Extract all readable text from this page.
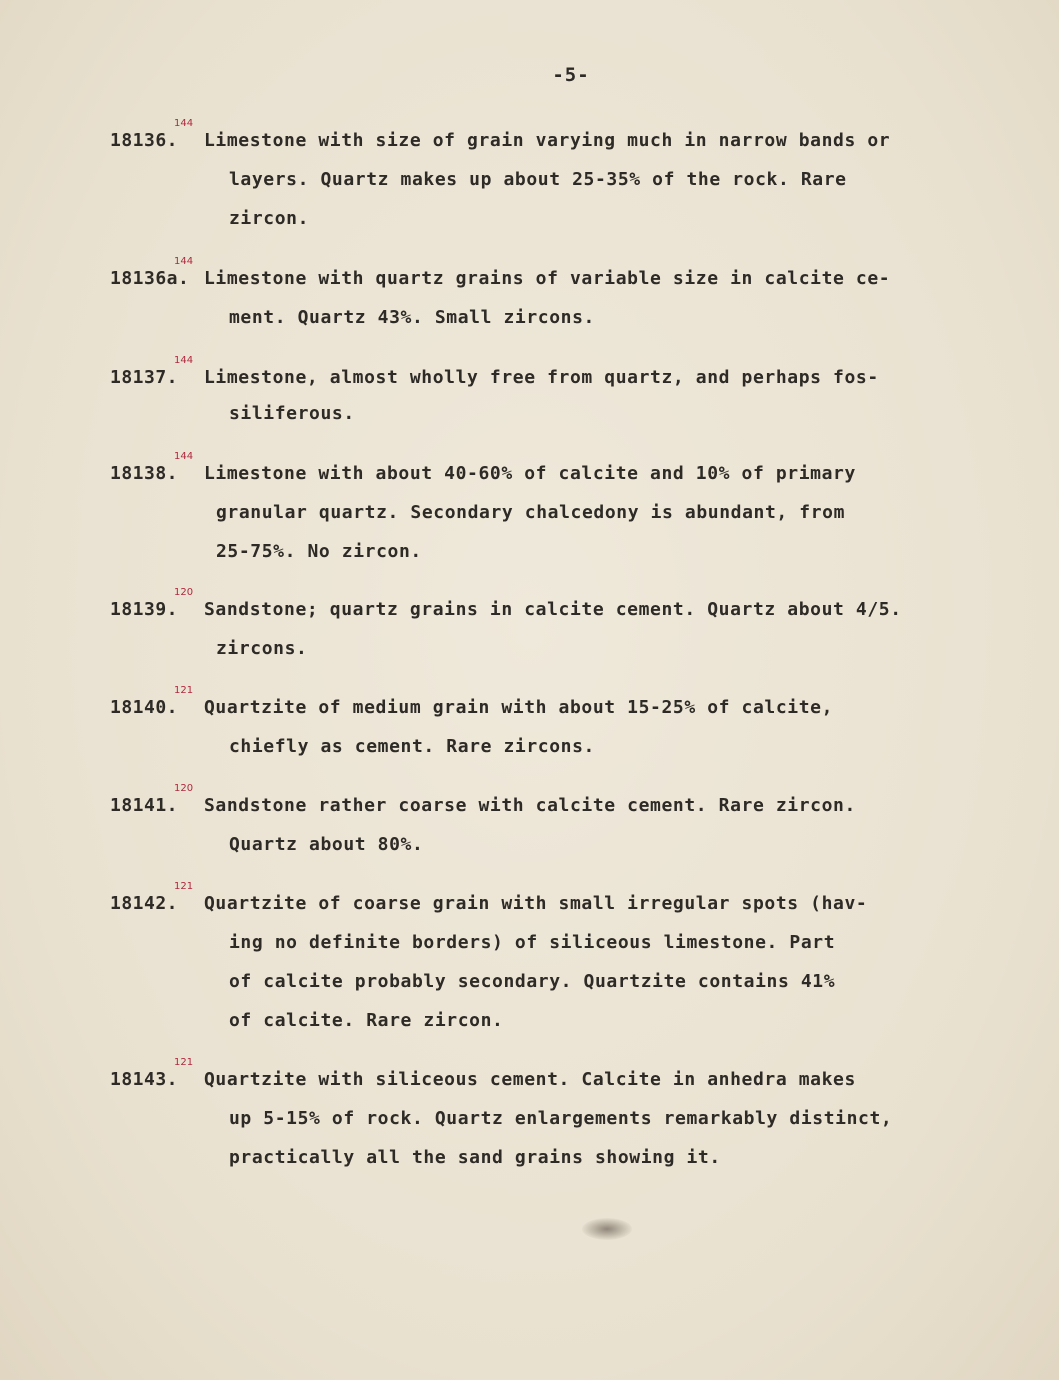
-5-
18136.
144
Limestone with size of grain varying much in narrow bands or
layers. Quartz makes up about 25-35% of the rock. Rare
zircon.
18136a.
144
Limestone with quartz grains of variable size in calcite ce-
ment. Quartz 43%. Small zircons.
18137.
144
Limestone, almost wholly free from quartz, and perhaps fos-
siliferous.
18138.
144
Limestone with about 40-60% of calcite and 10% of primary
granular quartz. Secondary chalcedony is abundant, from
25-75%. No zircon.
18139.
120
Sandstone; quartz grains in calcite cement. Quartz about 4/5.
zircons.
18140.
121
Quartzite of medium grain with about 15-25% of calcite,
chiefly as cement. Rare zircons.
18141.
120
Sandstone rather coarse with calcite cement. Rare zircon.
Quartz about 80%.
18142.
121
Quartzite of coarse grain with small irregular spots (hav-
ing no definite borders) of siliceous limestone. Part
of calcite probably secondary. Quartzite contains 41%
of calcite. Rare zircon.
18143.
121
Quartzite with siliceous cement. Calcite in anhedra makes
up 5-15% of rock. Quartz enlargements remarkably distinct,
practically all the sand grains showing it.
